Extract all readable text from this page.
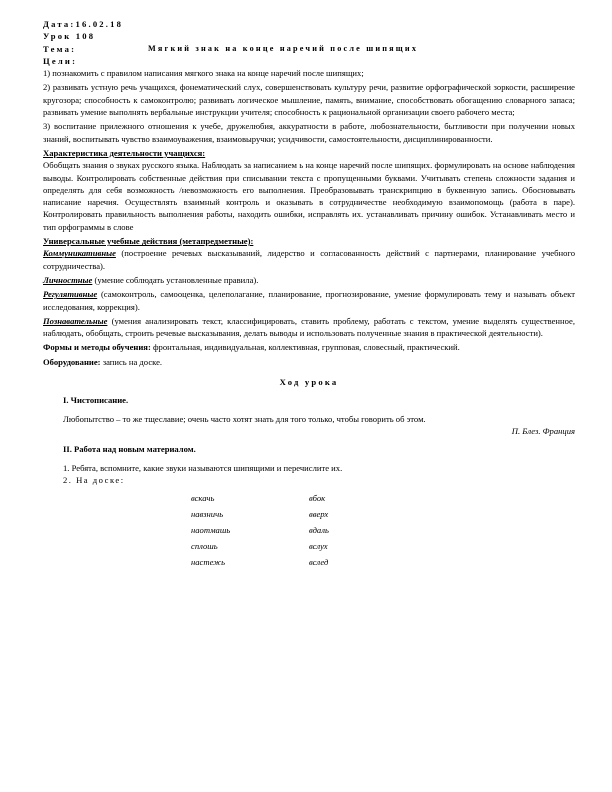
Дата:16.02.18
Урок 108
Тема:	Мягкий знак на конце наречий после шипящих
Цели:

1) познакомить с правилом написания мягкого знака на конце наречий после шипящих;

2) развивать устную речь учащихся, фонематический слух, совершенствовать культуру речи, развитие орфографической зоркости, расширение кругозора; способность к самоконтролю; развивать логическое мышление, память, внимание, способствовать обогащению словарного запаса; развивать умение выполнять вербальные инструкции учителя; способность к рациональной организации своего рабочего места;

3) воспитание прилежного отношения к учебе, дружелюбия, аккуратности в работе, любознательности, бытливости при получении новых знаний, воспитывать чувство взаимоуважения, взаимовыручки; усидчивости, самостоятельности, дисциплинированности.

Характеристика деятельности учащихся:

Обобщать знания о звуках русского языка. Наблюдать за написанием ь на конце наречий после шипящих. формулировать на основе наблюдения выводы. Контролировать собственные действия при списывании текста с пропущенными буквами. Учитывать степень сложности задания и определять для себя возможность /невозможность его выполнения. Преобразовывать транскрипцию в буквенную запись. Обосновывать написание наречия. Осуществлять взаимный контроль и оказывать в сотрудничестве необходимую взаимопомощь (работа в паре). Контролировать правильность выполнения работы, находить ошибки, исправлять их. устанавливать причину ошибок. Устанавливать место и тип орфограммы в слове

Универсальные учебные действия (метапредметные):

Коммуникативные (построение речевых высказываний, лидерство и согласованность действий с партнерами, планирование учебного сотрудничества).

Личностные (умение соблюдать установленные правила).

Регулятивные (самоконтроль, самооценка, целеполагание, планирование, прогнозирование, умение формулировать тему и называть объект исследования, коррекция).

Познавательные (умения анализировать текст, классифицировать, ставить проблему, работать с текстом, умение выделять существенное, наблюдать, обобщать, строить речевые высказывания, делать выводы и использовать полученные знания в практической деятельности).

Формы и методы обучения: фронтальная, индивидуальная, коллективная, групповая, словесный, практический.

Оборудование: запись на доске.

Ход урока
I. Чистописание.
Любопытство – то же тщеславие; очень часто хотят знать для того только, чтобы говорить об этом.
П. Блез. Франция
II. Работа над новым материалом.
1. Ребята, вспомните, какие звуки называются шипящими и перечислите их.
2. На доске:
вскачь	вбок
навзничь	вверх
наотмашь	вдаль
сплошь	вслух
настежь	вслед
